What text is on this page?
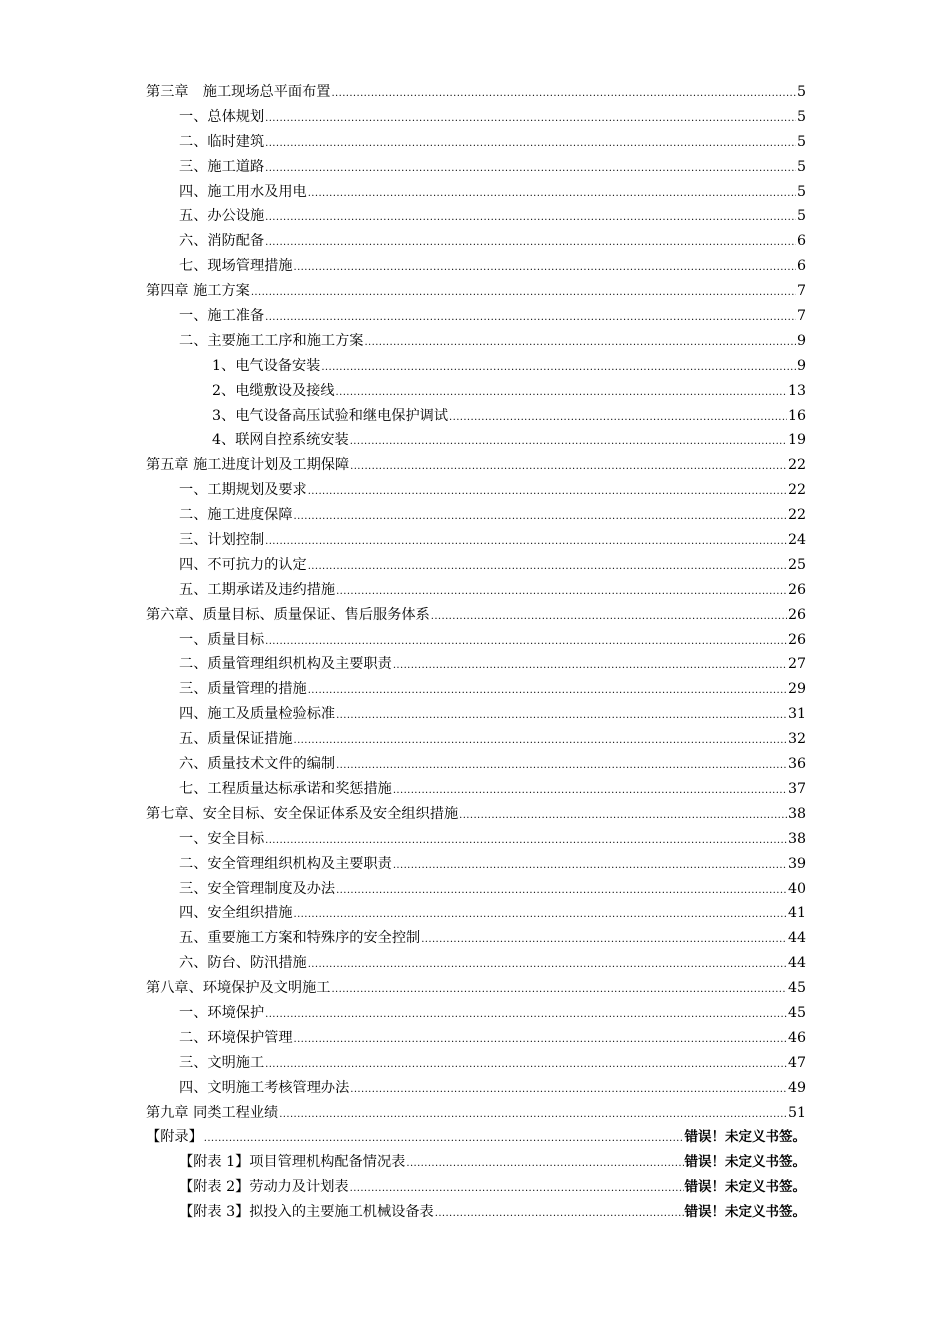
第三章　施工现场总平面布置 .....	5
一、总体规划 .....	5
二、临时建筑 .....	5
三、施工道路 .....	5
四、施工用水及用电 .....	5
五、办公设施 .....	5
六、消防配备 .....	6
七、现场管理措施 .....	6
第四章 施工方案 .....	7
一、施工准备 .....	7
二、主要施工工序和施工方案 .....	9
1、电气设备安装 .....	9
2、电缆敷设及接线 .....	13
3、电气设备高压试验和继电保护调试 .....	16
4、联网自控系统安装 .....	19
第五章 施工进度计划及工期保障 .....	22
一、工期规划及要求 .....	22
二、施工进度保障 .....	22
三、计划控制 .....	24
四、不可抗力的认定 .....	25
五、工期承诺及违约措施 .....	26
第六章、质量目标、质量保证、售后服务体系 .....	26
一、质量目标 .....	26
二、质量管理组织机构及主要职责 .....	27
三、质量管理的措施 .....	29
四、施工及质量检验标准 .....	31
五、质量保证措施 .....	32
六、质量技术文件的编制 .....	36
七、工程质量达标承诺和奖惩措施 .....	37
第七章、安全目标、安全保证体系及安全组织措施 .....	38
一、安全目标 .....	38
二、安全管理组织机构及主要职责 .....	39
三、安全管理制度及办法 .....	40
四、安全组织措施 .....	41
五、重要施工方案和特殊序的安全控制 .....	44
六、防台、防汛措施 .....	44
第八章、环境保护及文明施工 .....	45
一、环境保护 .....	45
二、环境保护管理 .....	46
三、文明施工 .....	47
四、文明施工考核管理办法 .....	49
第九章 同类工程业绩 .....	51
【附录】 .....	错误！未定义书签。
【附表 1】项目管理机构配备情况表 .....	错误！未定义书签。
【附表 2】劳动力及计划表 .....	错误！未定义书签。
【附表 3】拟投入的主要施工机械设备表 .....	错误！未定义书签。
